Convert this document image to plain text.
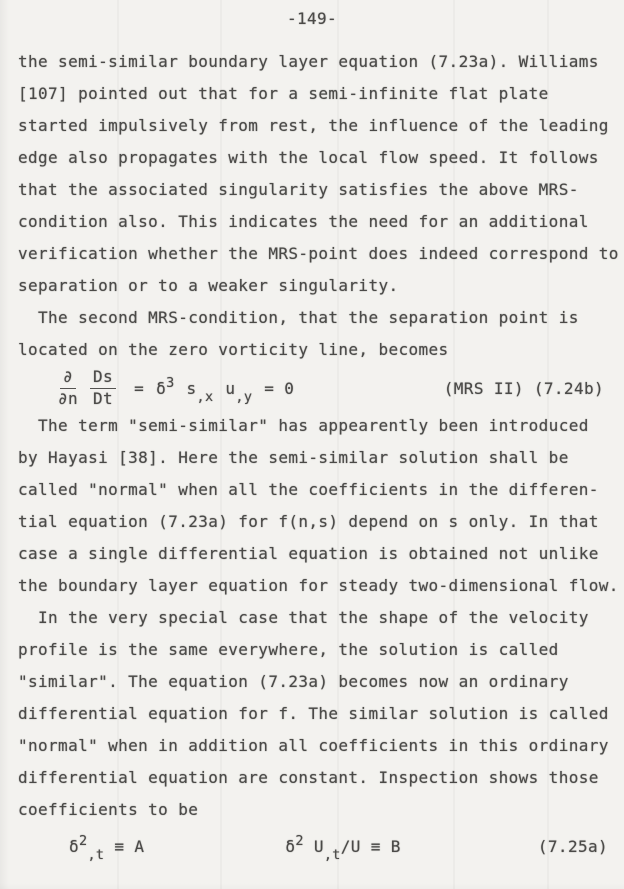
-149-
the semi-similar boundary layer equation (7.23a). Williams
[107] pointed out that for a semi-infinite flat plate
started impulsively from rest, the influence of the leading
edge also propagates with the local flow speed. It follows
that the associated singularity satisfies the above MRS-
condition also. This indicates the need for an additional
verification whether the MRS-point does indeed correspond to
separation or to a weaker singularity.
The second MRS-condition, that the separation point is
located on the zero vorticity line, becomes
$\frac{\partial}{\partial n} \frac{Ds}{Dt} = \delta$ 3 s ,x u ,y = 0	(MRS II) (7.24b)
The term "semi-similar" has appearently been introduced
by Hayasi [38]. Here the semi-similar solution shall be
called "normal" when all the coefficients in the differen-
tial equation (7.23a) for f(n,s) depend on s only. In that
case a single differential equation is obtained not unlike
the boundary layer equation for steady two-dimensional flow.
In the very special case that the shape of the velocity
profile is the same everywhere, the solution is called
"similar". The equation (7.23a) becomes now an ordinary
differential equation for f. The similar solution is called
"normal" when in addition all coefficients in this ordinary
differential equation are constant. Inspection shows those
coefficients to be
δ 2
,t ≡ A	δ 2 U ,t /U ≡ B	(7.25a)
